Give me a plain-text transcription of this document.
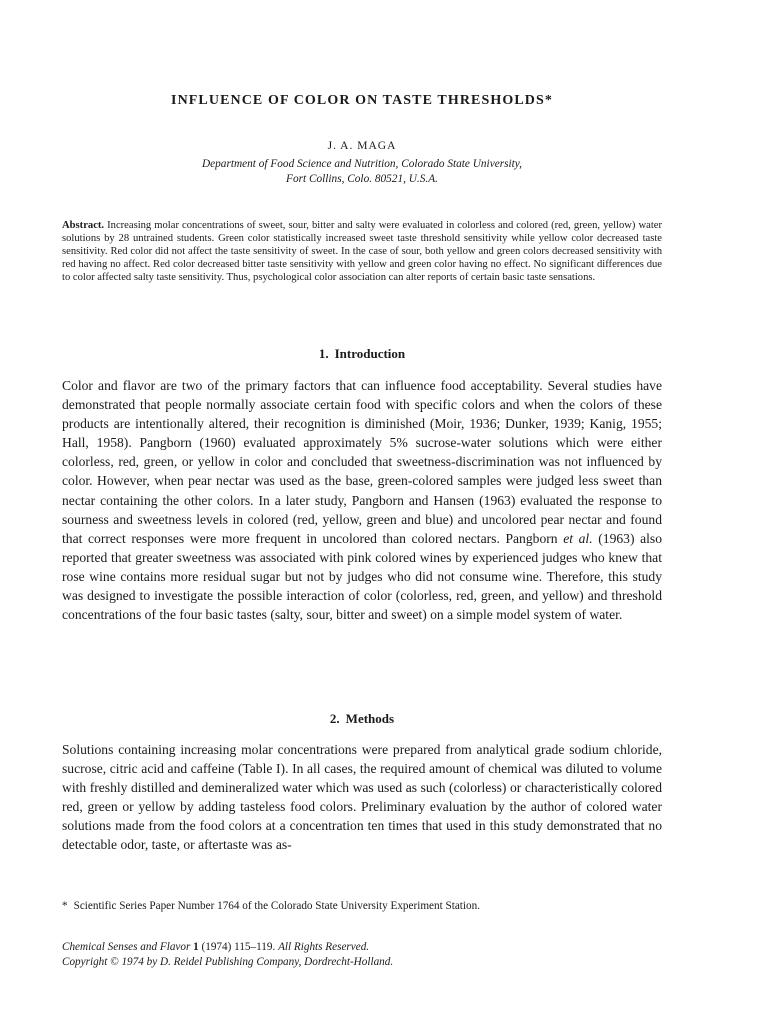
INFLUENCE OF COLOR ON TASTE THRESHOLDS*
J. A. MAGA
Department of Food Science and Nutrition, Colorado State University,
Fort Collins, Colo. 80521, U.S.A.

Abstract. Increasing molar concentrations of sweet, sour, bitter and salty were evaluated in colorless and colored (red, green, yellow) water solutions by 28 untrained students. Green color statistically increased sweet taste threshold sensitivity while yellow color decreased taste sensitivity. Red color did not affect the taste sensitivity of sweet. In the case of sour, both yellow and green colors decreased sensitivity with red having no affect. Red color decreased bitter taste sensitivity with yellow and green color having no effect. No significant differences due to color affected salty taste sensitivity. Thus, psychological color association can alter reports of certain basic taste sensations.

1. Introduction

Color and flavor are two of the primary factors that can influence food acceptability. Several studies have demonstrated that people normally associate certain food with specific colors and when the colors of these products are intentionally altered, their recognition is diminished (Moir, 1936; Dunker, 1939; Kanig, 1955; Hall, 1958). Pangborn (1960) evaluated approximately 5% sucrose-water solutions which were either colorless, red, green, or yellow in color and concluded that sweetness-discrimination was not influenced by color. However, when pear nectar was used as the base, green-colored samples were judged less sweet than nectar containing the other colors. In a later study, Pangborn and Hansen (1963) evaluated the response to sourness and sweetness levels in colored (red, yellow, green and blue) and uncolored pear nectar and found that correct responses were more frequent in uncolored than colored nectars. Pangborn et al. (1963) also reported that greater sweetness was associated with pink colored wines by experienced judges who knew that rose wine contains more residual sugar but not by judges who did not consume wine. Therefore, this study was designed to investigate the possible interaction of color (colorless, red, green, and yellow) and threshold concentrations of the four basic tastes (salty, sour, bitter and sweet) on a simple model system of water.

2. Methods

Solutions containing increasing molar concentrations were prepared from analytical grade sodium chloride, sucrose, citric acid and caffeine (Table I). In all cases, the required amount of chemical was diluted to volume with freshly distilled and demineralized water which was used as such (colorless) or characteristically colored red, green or yellow by adding tasteless food colors. Preliminary evaluation by the author of colored water solutions made from the food colors at a concentration ten times that used in this study demonstrated that no detectable odor, taste, or aftertaste was as-

* Scientific Series Paper Number 1764 of the Colorado State University Experiment Station.
Chemical Senses and Flavor 1 (1974) 115–119. All Rights Reserved.
Copyright © 1974 by D. Reidel Publishing Company, Dordrecht-Holland.
